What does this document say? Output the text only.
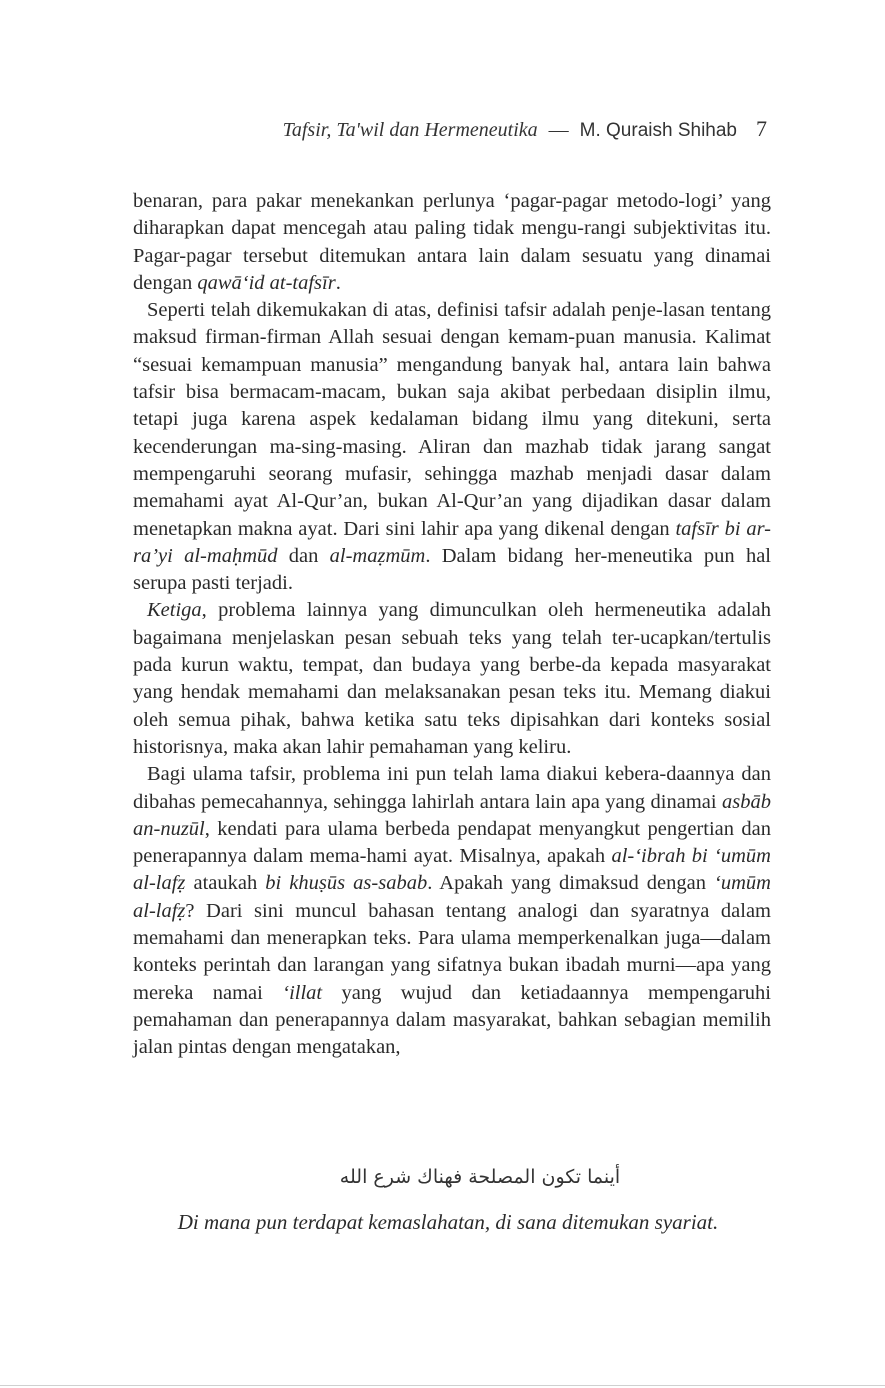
Tafsir, Ta'wil dan Hermeneutika — M. Quraish Shihab 7

benaran, para pakar menekankan perlunya ‘pagar-pagar metodo-logi’ yang diharapkan dapat mencegah atau paling tidak mengu-rangi subjektivitas itu. Pagar-pagar tersebut ditemukan antara lain dalam sesuatu yang dinamai dengan qawā‘id at-tafsīr.

Seperti telah dikemukakan di atas, definisi tafsir adalah penje-lasan tentang maksud firman-firman Allah sesuai dengan kemam-puan manusia. Kalimat “sesuai kemampuan manusia” mengandung banyak hal, antara lain bahwa tafsir bisa bermacam-macam, bukan saja akibat perbedaan disiplin ilmu, tetapi juga karena aspek kedalaman bidang ilmu yang ditekuni, serta kecenderungan ma-sing-masing. Aliran dan mazhab tidak jarang sangat mempengaruhi seorang mufasir, sehingga mazhab menjadi dasar dalam memahami ayat Al-Qur’an, bukan Al-Qur’an yang dijadikan dasar dalam menetapkan makna ayat. Dari sini lahir apa yang dikenal dengan tafsīr bi ar-ra’yi al-maḥmūd dan al-maẓmūm. Dalam bidang her-meneutika pun hal serupa pasti terjadi.

Ketiga, problema lainnya yang dimunculkan oleh hermeneutika adalah bagaimana menjelaskan pesan sebuah teks yang telah ter-ucapkan/tertulis pada kurun waktu, tempat, dan budaya yang berbe-da kepada masyarakat yang hendak memahami dan melaksanakan pesan teks itu. Memang diakui oleh semua pihak, bahwa ketika satu teks dipisahkan dari konteks sosial historisnya, maka akan lahir pemahaman yang keliru.

Bagi ulama tafsir, problema ini pun telah lama diakui kebera-daannya dan dibahas pemecahannya, sehingga lahirlah antara lain apa yang dinamai asbāb an-nuzūl, kendati para ulama berbeda pendapat menyangkut pengertian dan penerapannya dalam mema-hami ayat. Misalnya, apakah al-‘ibrah bi ‘umūm al-lafẓ ataukah bi khuṣūs as-sabab. Apakah yang dimaksud dengan ‘umūm al-lafẓ? Dari sini muncul bahasan tentang analogi dan syaratnya dalam memahami dan menerapkan teks. Para ulama memperkenalkan juga—dalam konteks perintah dan larangan yang sifatnya bukan ibadah murni—apa yang mereka namai ‘illat yang wujud dan ketiadaannya mempengaruhi pemahaman dan penerapannya dalam masyarakat, bahkan sebagian memilih jalan pintas dengan mengatakan,

أينما تكون المصلحة فهناك شرع الله
Di mana pun terdapat kemaslahatan, di sana ditemukan syariat.
